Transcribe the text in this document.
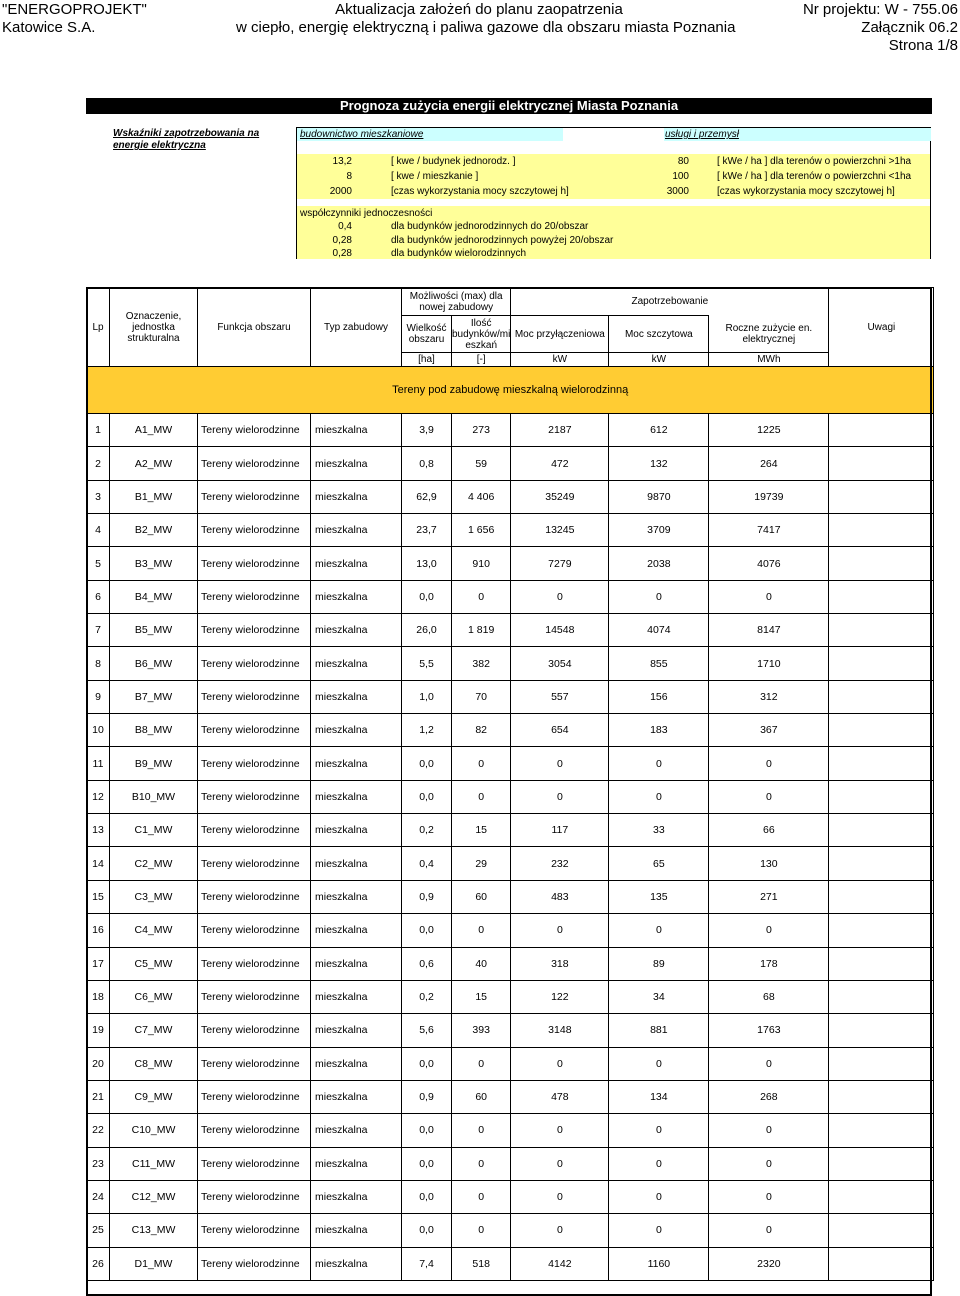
"ENERGOPROJEKT"
Katowice S.A.
Aktualizacja założeń do planu zaopatrzenia
w ciepło, energię elektryczną i paliwa gazowe dla obszaru miasta Poznania
Nr projektu: W - 755.06
Załącznik 06.2
Strona 1/8
Prognoza zużycia energii elektrycznej Miasta Poznania
Wskaźniki zapotrzebowania na energie elektryczna
budownictwo mieszkaniowe	usługi i przemysł
13,2	[ kwe / budynek jednorodz. ]	80	[ kWe / ha ] dla terenów o powierzchni >1ha
8	[ kwe / mieszkanie ]	100	[ kWe / ha ] dla terenów o powierzchni <1ha
2000	[czas wykorzystania mocy szczytowej h]	3000	[czas wykorzystania mocy szczytowej h]
współczynniki jednoczesności
0,4	dla budynków jednorodzinnych do 20/obszar
0,28	dla budynków jednorodzinnych powyżej 20/obszar
0,28	dla budynków wielorodzinnych
Lp	Oznaczenie, jednostka strukturalna	Funkcja obszaru	Typ zabudowy	Możliwości (max) dla nowej zabudowy		Zapotrzebowanie			Uwagi
				Wielkość obszaru	Ilość budynków/mi eszkań	Moc przyłączeniowa	Moc szczytowa	Roczne zużycie en. elektrycznej	
				[ha]	[-]	kW	kW	MWh	
Tereny pod zabudowę mieszkalną wielorodzinną									
1	A1_MW	Tereny wielorodzinne	mieszkalna	3,9	273	2187	612	1225	
2	A2_MW	Tereny wielorodzinne	mieszkalna	0,8	59	472	132	264	
3	B1_MW	Tereny wielorodzinne	mieszkalna	62,9	4 406	35249	9870	19739	
4	B2_MW	Tereny wielorodzinne	mieszkalna	23,7	1 656	13245	3709	7417	
5	B3_MW	Tereny wielorodzinne	mieszkalna	13,0	910	7279	2038	4076	
6	B4_MW	Tereny wielorodzinne	mieszkalna	0,0	0	0	0	0	
7	B5_MW	Tereny wielorodzinne	mieszkalna	26,0	1 819	14548	4074	8147	
8	B6_MW	Tereny wielorodzinne	mieszkalna	5,5	382	3054	855	1710	
9	B7_MW	Tereny wielorodzinne	mieszkalna	1,0	70	557	156	312	
10	B8_MW	Tereny wielorodzinne	mieszkalna	1,2	82	654	183	367	
11	B9_MW	Tereny wielorodzinne	mieszkalna	0,0	0	0	0	0	
12	B10_MW	Tereny wielorodzinne	mieszkalna	0,0	0	0	0	0	
13	C1_MW	Tereny wielorodzinne	mieszkalna	0,2	15	117	33	66	
14	C2_MW	Tereny wielorodzinne	mieszkalna	0,4	29	232	65	130	
15	C3_MW	Tereny wielorodzinne	mieszkalna	0,9	60	483	135	271	
16	C4_MW	Tereny wielorodzinne	mieszkalna	0,0	0	0	0	0	
17	C5_MW	Tereny wielorodzinne	mieszkalna	0,6	40	318	89	178	
18	C6_MW	Tereny wielorodzinne	mieszkalna	0,2	15	122	34	68	
19	C7_MW	Tereny wielorodzinne	mieszkalna	5,6	393	3148	881	1763	
20	C8_MW	Tereny wielorodzinne	mieszkalna	0,0	0	0	0	0	
21	C9_MW	Tereny wielorodzinne	mieszkalna	0,9	60	478	134	268	
22	C10_MW	Tereny wielorodzinne	mieszkalna	0,0	0	0	0	0	
23	C11_MW	Tereny wielorodzinne	mieszkalna	0,0	0	0	0	0	
24	C12_MW	Tereny wielorodzinne	mieszkalna	0,0	0	0	0	0	
25	C13_MW	Tereny wielorodzinne	mieszkalna	0,0	0	0	0	0	
26	D1_MW	Tereny wielorodzinne	mieszkalna	7,4	518	4142	1160	2320	
